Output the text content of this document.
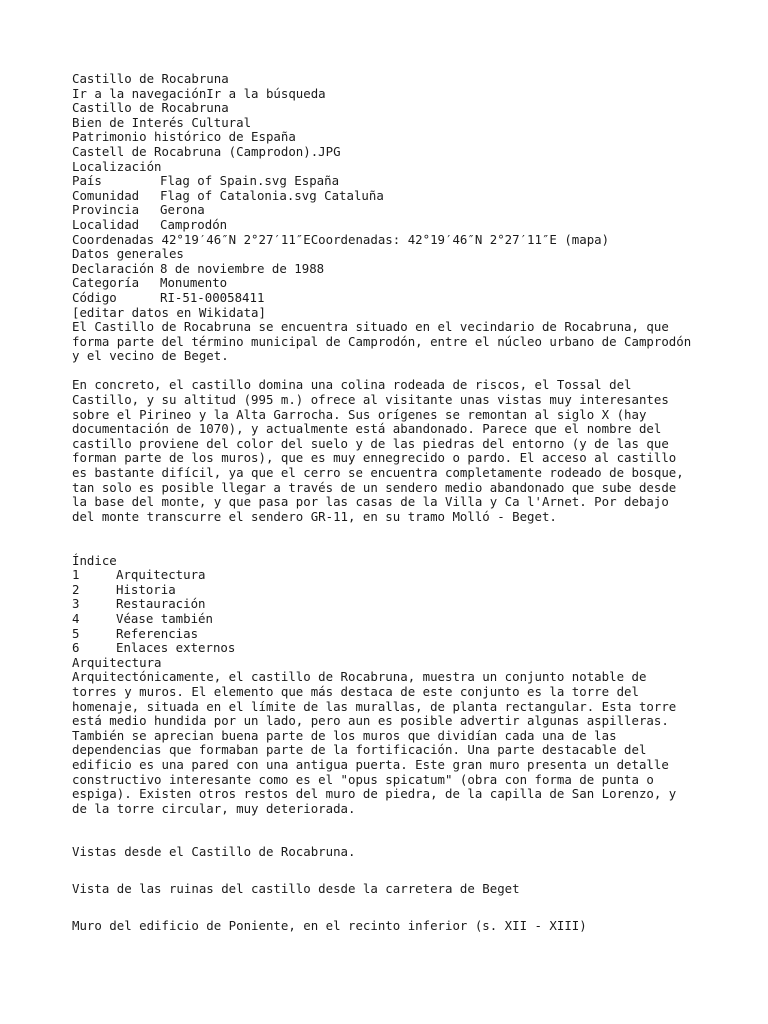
Castillo de Rocabruna
Ir a la navegaciónIr a la búsqueda
Castillo de Rocabruna
Bien de Interés Cultural
Patrimonio histórico de España
Castell de Rocabruna (Camprodon).JPG
Localización
País	Flag of Spain.svg España
Comunidad	Flag of Catalonia.svg Cataluña
Provincia	Gerona
Localidad	Camprodón
Coordenadas 42°19′46″N 2°27′11″ECoordenadas: 42°19′46″N 2°27′11″E (mapa)
Datos generales
Declaración 8 de noviembre de 1988
Categoría	Monumento
Código	RI-51-00058411
[editar datos en Wikidata]
El Castillo de Rocabruna se encuentra situado en el vecindario de Rocabruna, que
forma parte del término municipal de Camprodón, entre el núcleo urbano de Camprodón
y el vecino de Beget.
En concreto, el castillo domina una colina rodeada de riscos, el Tossal del
Castillo, y su altitud (995 m.) ofrece al visitante unas vistas muy interesantes
sobre el Pirineo y la Alta Garrocha. Sus orígenes se remontan al siglo X (hay
documentación de 1070), y actualmente está abandonado. Parece que el nombre del
castillo proviene del color del suelo y de las piedras del entorno (y de las que
forman parte de los muros), que es muy ennegrecido o pardo. El acceso al castillo
es bastante difícil, ya que el cerro se encuentra completamente rodeado de bosque,
tan solo es posible llegar a través de un sendero medio abandonado que sube desde
la base del monte, y que pasa por las casas de la Villa y Ca l'Arnet. Por debajo
del monte transcurre el sendero GR-11, en su tramo Molló - Beget.
Índice
1	Arquitectura
2	Historia
3	Restauración
4	Véase también
5	Referencias
6	Enlaces externos
Arquitectura
Arquitectónicamente, el castillo de Rocabruna, muestra un conjunto notable de
torres y muros. El elemento que más destaca de este conjunto es la torre del
homenaje, situada en el límite de las murallas, de planta rectangular. Esta torre
está medio hundida por un lado, pero aun es posible advertir algunas aspilleras.
También se aprecian buena parte de los muros que dividían cada una de las
dependencias que formaban parte de la fortificación. Una parte destacable del
edificio es una pared con una antigua puerta. Este gran muro presenta un detalle
constructivo interesante como es el "opus spicatum" (obra con forma de punta o
espiga). Existen otros restos del muro de piedra, de la capilla de San Lorenzo, y
de la torre circular, muy deteriorada.
Vistas desde el Castillo de Rocabruna.
Vista de las ruinas del castillo desde la carretera de Beget
Muro del edificio de Poniente, en el recinto inferior (s. XII - XIII)
